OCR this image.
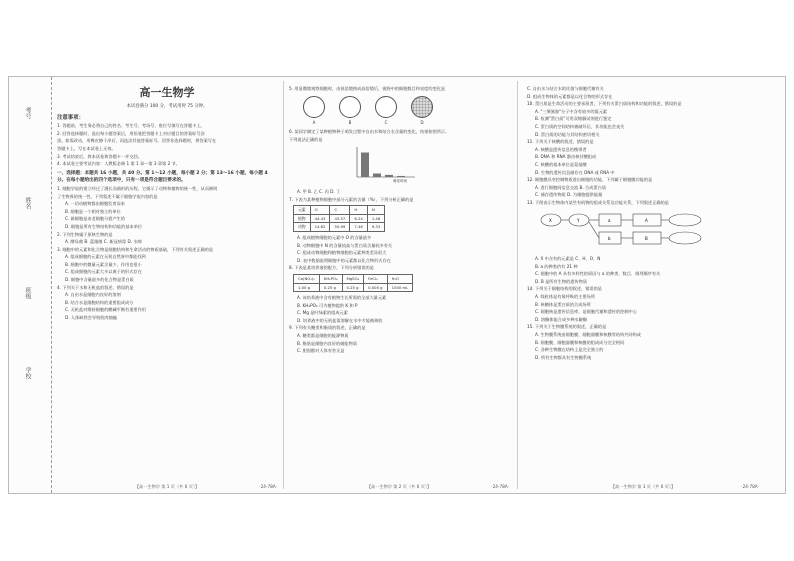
考号
姓名
班级
学校
高一生物学
本试卷满分 100 分，考试用时 75 分钟。
注意事项：

1. 答题前，考生务必将自己的姓名、考生号、考场号、座位号填写在答题卡上。

2. 回答选择题时，选出每小题答案后，用铅笔把答题卡上对应题目的答案标号涂

黑。如需改动，用橡皮擦干净后，再选涂其他答案标号。回答非选择题时，将答案写在

答题卡上。写在本试卷上无效。

3. 考试结束后，将本试卷和答题卡一并交回。

4. 本试卷主要考试内容：人教版必修 1 第 1 章～第 3 章第 2 节。

一、选择题：本题共 16 小题，共 40 分。第 1～12 小题，每小题 2 分；第 13～16 小题，每小题 4 分。在每小题给出的四个选项中，只有一项是符合题目要求的。

1. 细胞学说的建立经过了漫长而曲折的历程，它揭示了动物和植物的统一性，从而阐明

了生物界的统一性。下列叙述不属于细胞学说内容的是

A. 一切动植物都由细胞发育而来

B. 细胞是一个相对独立的单位

C. 新细胞是由老细胞分裂产生的

D. 细胞是所有生物结构和功能的基本单位

2. 下列生物属于原核生物的是

A. 酵母菌 B. 蓝细菌 C. 新冠病毒 D. 水绵

3. 细胞中的元素和化合物是细胞结构和生命活动的物质基础，下列有关叙述正确的是

A. 组成细胞的元素在无机自然界中都能找到

B. 细胞中的微量元素含量少，作用也很小

C. 组成细胞的元素大多以离子的形式存在

D. 细胞中含量最多的化合物是蛋白质

4. 下列关于水和无机盐的叙述，错误的是

A. 自由水是细胞内良好的溶剂

B. 结合水是细胞结构的重要组成成分

C. 无机盐对维持细胞的酸碱平衡有重要作用

D. 人体缺铁会导致肌肉抽搐

【高一生物学 第 1 页（共 6 页）】	·24-78A·

5. 用显微镜观察细胞时，由低倍镜换成高倍镜后，视野中的细胞数目和亮度的变化是

A	B	C	D

6. 某同学测定了某种植物种子萌发过程中自由水和结合水含量的变化，结果如图所示。

下列说法正确的是

萌发时间

A. 甲 B. 乙 C. 丙 D. 丁

7. 下表为某种植物细胞中部分元素的含量（%），下列分析正确的是

元素	O	C	H	N
植物	44.43	43.57	6.24	1.46
动物	14.62	55.99	7.46	9.33

A. 组成植物细胞的元素中 O 的含量最多

B. 动物细胞中 N 的含量较高与蛋白质含量较多有关

C. 组成动物细胞和植物细胞的元素种类差异很大

D. 表中数据说明细胞中的元素都以化合物形式存在

8. 下表是某培养液的配方，下列分析错误的是

Ca(NO₃)₂	KH₂PO₄	MgSO₄	FeCl₃	H₂O
1.00 g	0.25 g	0.25 g	0.005 g	1000 mL

A. 该培养液中含有植物生长所需的全部大量元素

B. KH₂PO₄ 可为植物提供 K 和 P

C. Mg 是叶绿素的组成元素

D. 培养液中的无机盐需溶解在水中才能被吸收

9. 下列有关糖类和脂质的叙述，正确的是

A. 糖类都是细胞的能源物质

B. 脂肪是细胞内良好的储能物质

C. 胆固醇对人体有害无益

【高一生物学 第 2 页（共 6 页）】	·24-78A·

C. 自由水与结合水的比值与细胞代谢有关

D. 组成生物体的元素都是以化合物的形式存在

10. 蛋白质是生命活动的主要承担者，下列有关蛋白质结构和功能的叙述，错误的是

A. "三聚氰胺"分子中含有较多的氮元素

B. 检测"蛋白质"可用双缩脲试剂进行鉴定

C. 蛋白质的空间结构被破坏后，其功能也会丧失

D. 蛋白质的功能与其结构密切相关

11. 下列关于核酸的叙述，错误的是

A. 核酸是遗传信息的携带者

B. DNA 和 RNA 都由核苷酸组成

C. 核酸的基本单位是氨基酸

D. 生物的遗传信息储存在 DNA 或 RNA 中

12. 细胞膜具有控制物质进出细胞的功能，下列属于细胞膜功能的是

A. 进行细胞间信息交流 B. 合成蛋白质

C. 储存遗传物质 D. 为细胞提供能量

13. 下图表示生物体内某些有机物的组成关系及功能关系，下列叙述正确的是

X	Y	a
b
A
B

A. X 中含有的元素是 C、H、O、N

B. a 的种类约有 21 种

C. 细胞中的 A 具有多样性的原因与 a 的种类、数目、排列顺序有关

D. B 是所有生物的遗传物质

14. 下列关于细胞结构的叙述，错误的是

A. 线粒体是有氧呼吸的主要场所

B. 核糖体是蛋白质的合成场所

C. 细胞核是遗传信息库，是细胞代谢和遗传的控制中心

D. 溶酶体能合成多种水解酶

15. 下列关于生物膜系统的叙述，正确的是

A. 生物膜系统由细胞膜、细胞器膜和核膜等结构共同构成

B. 细胞膜、细胞器膜和核膜的组成成分完全相同

C. 各种生物膜在结构上是完全独立的

D. 所有生物都具有生物膜系统

【高一生物学 第 3 页（共 6 页）】	·24-78A·
